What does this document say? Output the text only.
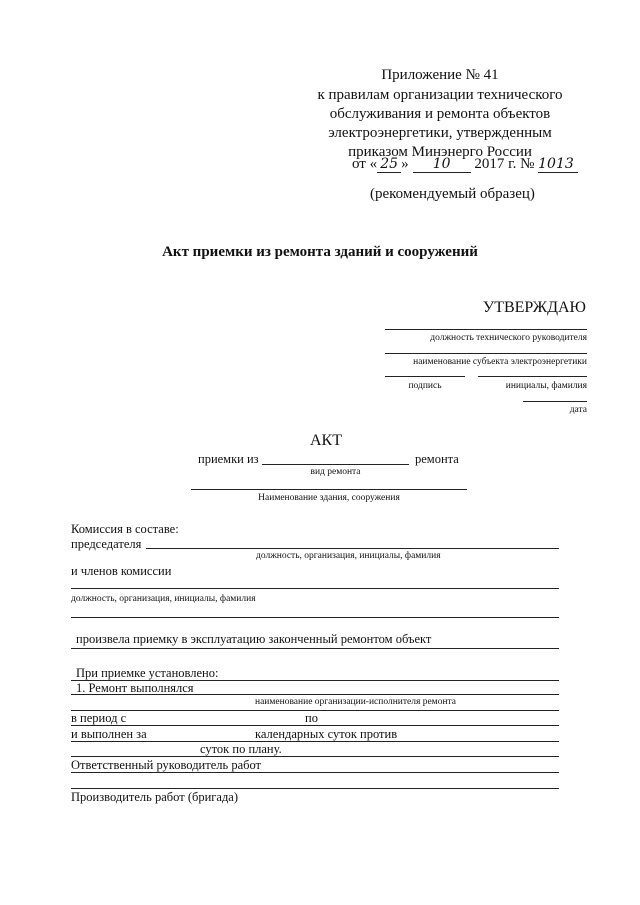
Приложение № 41
к правилам организации технического
обслуживания и ремонта объектов
электроэнергетики, утвержденным
приказом Минэнерго России
от « 25 » 10 2017 г. № 1013
(рекомендуемый образец)
Акт приемки из ремонта зданий и сооружений
УТВЕРЖДАЮ
должность технического руководителя
наименование субъекта электроэнергетики
подпись	инициалы, фамилия
дата
АКТ
приемки из	ремонта
вид ремонта
Наименование здания, сооружения
Комиссия в составе:
председателя
должность, организация, инициалы, фамилия
и членов комиссии
должность, организация, инициалы, фамилия
произвела приемку в эксплуатацию законченный ремонтом объект
При приемке установлено:
1. Ремонт выполнялся
наименование организации-исполнителя ремонта
в период с	по
и выполнен за	календарных суток против
суток по плану.
Ответственный руководитель работ
Производитель работ (бригада)
